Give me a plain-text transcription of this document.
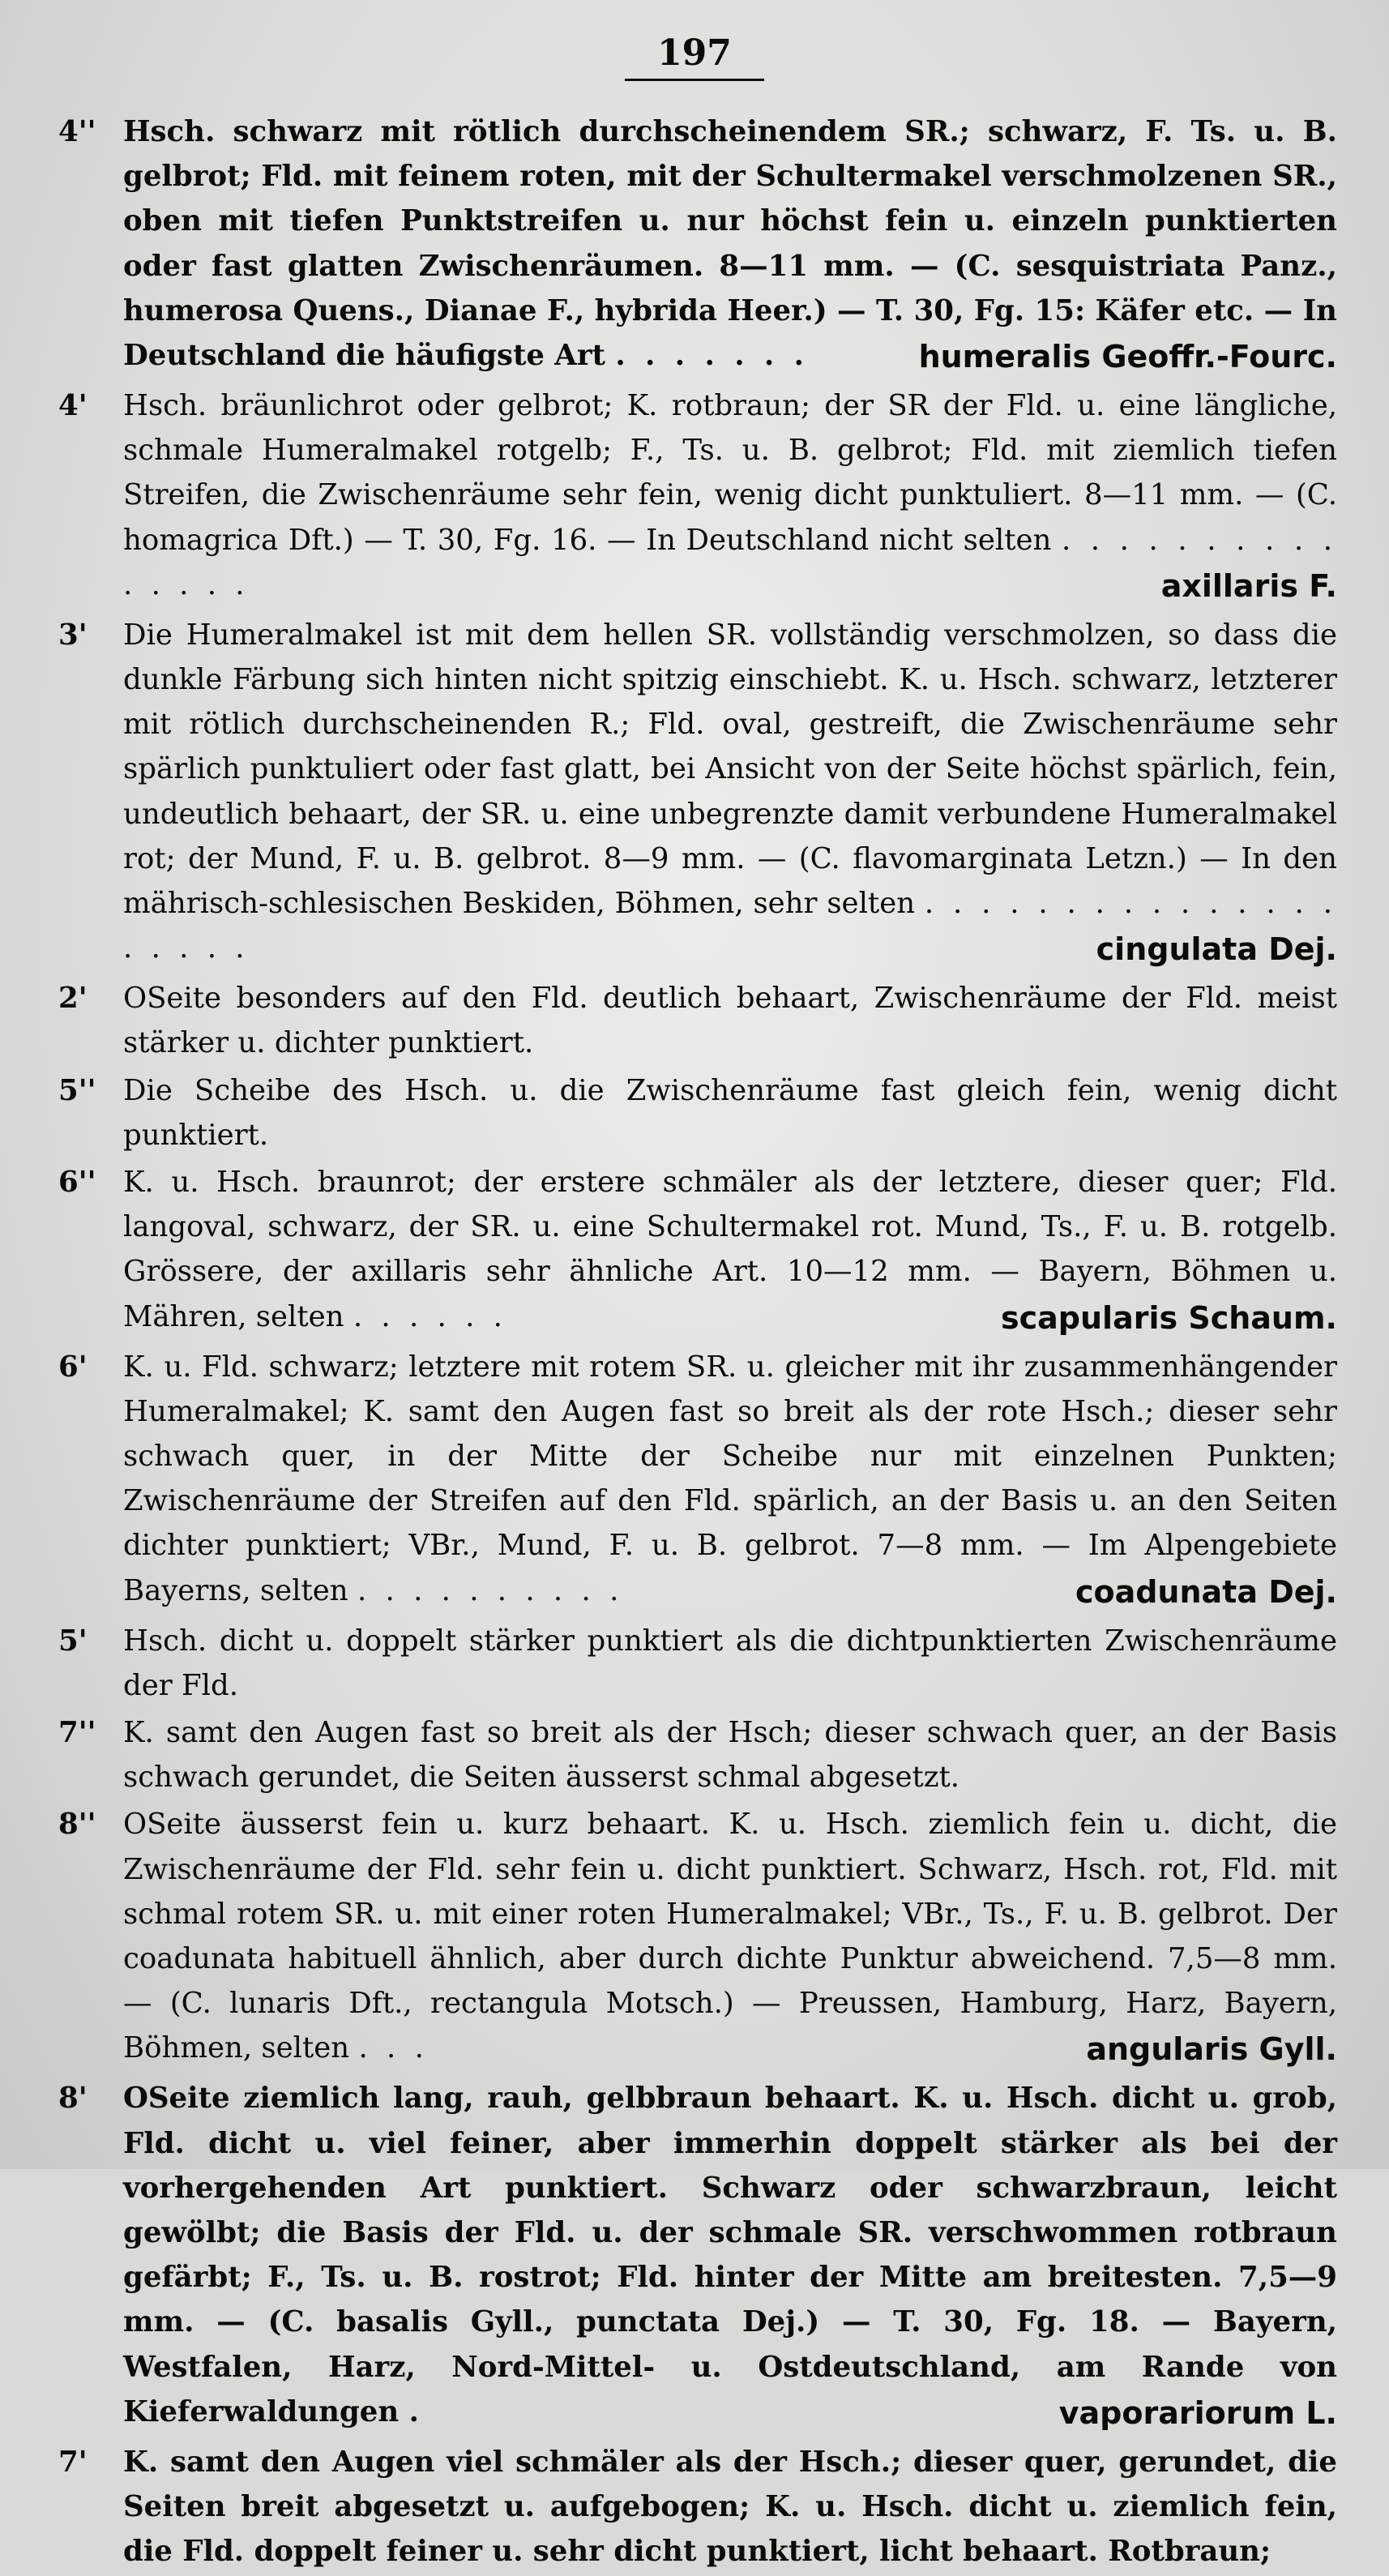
197
4'' Hsch. schwarz mit rötlich durchscheinendem SR.; schwarz, F. Ts. u. B. gelbrot; Fld. mit feinem roten, mit der Schultermakel verschmolzenen SR., oben mit tiefen Punktstreifen u. nur höchst fein u. einzeln punktierten oder fast glatten Zwischenräumen. 8—11 mm. — (C. sesquistriata Panz., humerosa Quens., Dianae F., hybrida Heer.) — T. 30, Fg. 15: Käfer etc. — In Deutschland die häufigste Art . . . . . . .	humeralis Geoffr.-Fourc.
4' Hsch. bräunlichrot oder gelbrot; K. rotbraun; der SR der Fld. u. eine längliche, schmale Humeralmakel rotgelb; F., Ts. u. B. gelbrot; Fld. mit ziemlich tiefen Streifen, die Zwischenräume sehr fein, wenig dicht punktuliert. 8—11 mm. — (C. homagrica Dft.) — T. 30, Fg. 16. — In Deutschland nicht selten . . . . . . . . . . . . . . .	axillaris F.
3' Die Humeralmakel ist mit dem hellen SR. vollständig verschmolzen, so dass die dunkle Färbung sich hinten nicht spitzig einschiebt. K. u. Hsch. schwarz, letzterer mit rötlich durchscheinenden R.; Fld. oval, gestreift, die Zwischenräume sehr spärlich punktuliert oder fast glatt, bei Ansicht von der Seite höchst spärlich, fein, undeutlich behaart, der SR. u. eine unbegrenzte damit verbundene Humeralmakel rot; der Mund, F. u. B. gelbrot. 8—9 mm. — (C. flavomarginata Letzn.) — In den mährisch-schlesischen Beskiden, Böhmen, sehr selten . . . . . . . . . . . . . . . . . . . .	cingulata Dej.
2' OSeite besonders auf den Fld. deutlich behaart, Zwischenräume der Fld. meist stärker u. dichter punktiert.
5'' Die Scheibe des Hsch. u. die Zwischenräume fast gleich fein, wenig dicht punktiert.
6'' K. u. Hsch. braunrot; der erstere schmäler als der letztere, dieser quer; Fld. langoval, schwarz, der SR. u. eine Schultermakel rot. Mund, Ts., F. u. B. rotgelb. Grössere, der axillaris sehr ähnliche Art. 10—12 mm. — Bayern, Böhmen u. Mähren, selten . . . . . .	scapularis Schaum.
6' K. u. Fld. schwarz; letztere mit rotem SR. u. gleicher mit ihr zusammenhängender Humeralmakel; K. samt den Augen fast so breit als der rote Hsch.; dieser sehr schwach quer, in der Mitte der Scheibe nur mit einzelnen Punkten; Zwischenräume der Streifen auf den Fld. spärlich, an der Basis u. an den Seiten dichter punktiert; VBr., Mund, F. u. B. gelbrot. 7—8 mm. — Im Alpengebiete Bayerns, selten . . . . . . . . . .	coadunata Dej.
5' Hsch. dicht u. doppelt stärker punktiert als die dichtpunktierten Zwischenräume der Fld.
7'' K. samt den Augen fast so breit als der Hsch; dieser schwach quer, an der Basis schwach gerundet, die Seiten äusserst schmal abgesetzt.
8'' OSeite äusserst fein u. kurz behaart. K. u. Hsch. ziemlich fein u. dicht, die Zwischenräume der Fld. sehr fein u. dicht punktiert. Schwarz, Hsch. rot, Fld. mit schmal rotem SR. u. mit einer roten Humeralmakel; VBr., Ts., F. u. B. gelbrot. Der coadunata habituell ähnlich, aber durch dichte Punktur abweichend. 7,5—8 mm. — (C. lunaris Dft., rectangula Motsch.) — Preussen, Hamburg, Harz, Bayern, Böhmen, selten . . .	angularis Gyll.
8' OSeite ziemlich lang, rauh, gelbbraun behaart. K. u. Hsch. dicht u. grob, Fld. dicht u. viel feiner, aber immerhin doppelt stärker als bei der vorhergehenden Art punktiert. Schwarz oder schwarzbraun, leicht gewölbt; die Basis der Fld. u. der schmale SR. verschwommen rotbraun gefärbt; F., Ts. u. B. rostrot; Fld. hinter der Mitte am breitesten. 7,5—9 mm. — (C. basalis Gyll., punctata Dej.) — T. 30, Fg. 18. — Bayern, Westfalen, Harz, Nord-Mittel- u. Ostdeutschland, am Rande von Kieferwaldungen .	vaporariorum L.
7' K. samt den Augen viel schmäler als der Hsch.; dieser quer, gerundet, die Seiten breit abgesetzt u. aufgebogen; K. u. Hsch. dicht u. ziemlich fein, die Fld. doppelt feiner u. sehr dicht punktiert, licht behaart. Rotbraun;
